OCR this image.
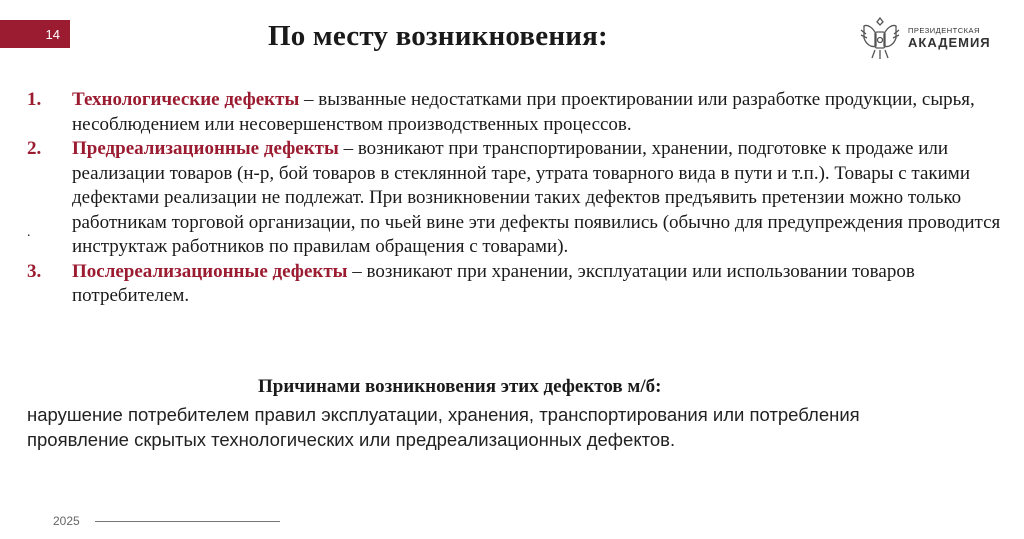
14	По месту возникновения:	ПРЕЗИДЕНТСКАЯ
АКАДЕМИЯ
1. Технологические дефекты – вызванные недостатками при проектировании или разработке продукции, сырья, несоблюдением или несовершенством производственных процессов.
2. Предреализационные дефекты – возникают при транспортировании, хранении, подготовке к продаже или реализации товаров (н-р, бой товаров в стеклянной таре, утрата товарного вида в пути и т.п.). Товары с такими дефектами реализации не подлежат. При возникновении таких дефектов предъявить претензии можно только работникам торговой организации, по чьей вине эти дефекты появились (обычно для предупреждения проводится инструктаж работников по правилам обращения с товарами).
3. Послереализационные дефекты – возникают при хранении, эксплуатации или использовании товаров потребителем.
.
Причинами возникновения этих дефектов м/б:
нарушение потребителем правил эксплуатации, хранения, транспортирования или потребления
проявление скрытых технологических или предреализационных дефектов.
2025
